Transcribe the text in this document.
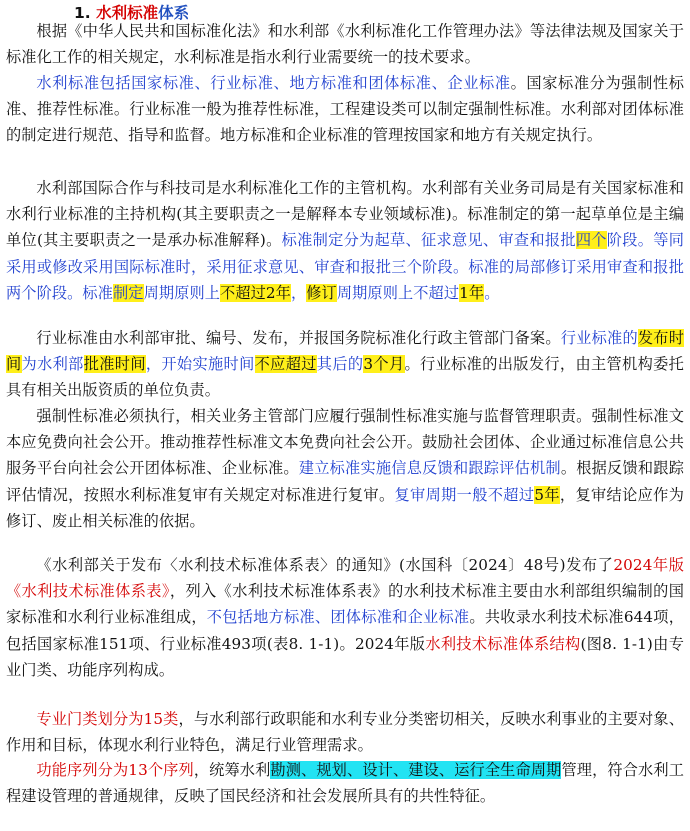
1. 水利标准体系

根据《中华人民共和国标准化法》和水利部《水利标准化工作管理办法》等法律法规及国家关于标准化工作的相关规定，水利标准是指水利行业需要统一的技术要求。

水利标准包括国家标准、行业标准、地方标准和团体标准、企业标准。国家标准分为强制性标准、推荐性标准。行业标准一般为推荐性标准，工程建设类可以制定强制性标准。水利部对团体标准的制定进行规范、指导和监督。地方标准和企业标准的管理按国家和地方有关规定执行。

水利部国际合作与科技司是水利标准化工作的主管机构。水利部有关业务司局是有关国家标准和水利行业标准的主持机构(其主要职责之一是解释本专业领域标准)。标准制定的第一起草单位是主编单位(其主要职责之一是承办标准解释)。标准制定分为起草、征求意见、审查和报批四个阶段。等同采用或修改采用国际标准时，采用征求意见、审查和报批三个阶段。标准的局部修订采用审查和报批两个阶段。标准制定周期原则上不超过2年，修订周期原则上不超过1年。

行业标准由水利部审批、编号、发布，并报国务院标准化行政主管部门备案。行业标准的发布时间为水利部批准时间，开始实施时间不应超过其后的3个月。行业标准的出版发行，由主管机构委托具有相关出版资质的单位负责。

强制性标准必须执行，相关业务主管部门应履行强制性标准实施与监督管理职责。强制性标准文本应免费向社会公开。推动推荐性标准文本免费向社会公开。鼓励社会团体、企业通过标准信息公共服务平台向社会公开团体标准、企业标准。建立标准实施信息反馈和跟踪评估机制。根据反馈和跟踪评估情况，按照水利标准复审有关规定对标准进行复审。复审周期一般不超过5年，复审结论应作为修订、废止相关标准的依据。

《水利部关于发布〈水利技术标准体系表〉的通知》(水国科〔2024〕48号)发布了2024年版《水利技术标准体系表》，列入《水利技术标准体系表》的水利技术标准主要由水利部组织编制的国家标准和水利行业标准组成，不包括地方标准、团体标准和企业标准。共收录水利技术标准644项，包括国家标准151项、行业标准493项(表8. 1-1)。2024年版水利技术标准体系结构(图8. 1-1)由专业门类、功能序列构成。

专业门类划分为15类，与水利部行政职能和水利专业分类密切相关，反映水利事业的主要对象、作用和目标，体现水利行业特色，满足行业管理需求。

功能序列分为13个序列，统筹水利勘测、规划、设计、建设、运行全生命周期管理，符合水利工程建设管理的普通规律，反映了国民经济和社会发展所具有的共性特征。
